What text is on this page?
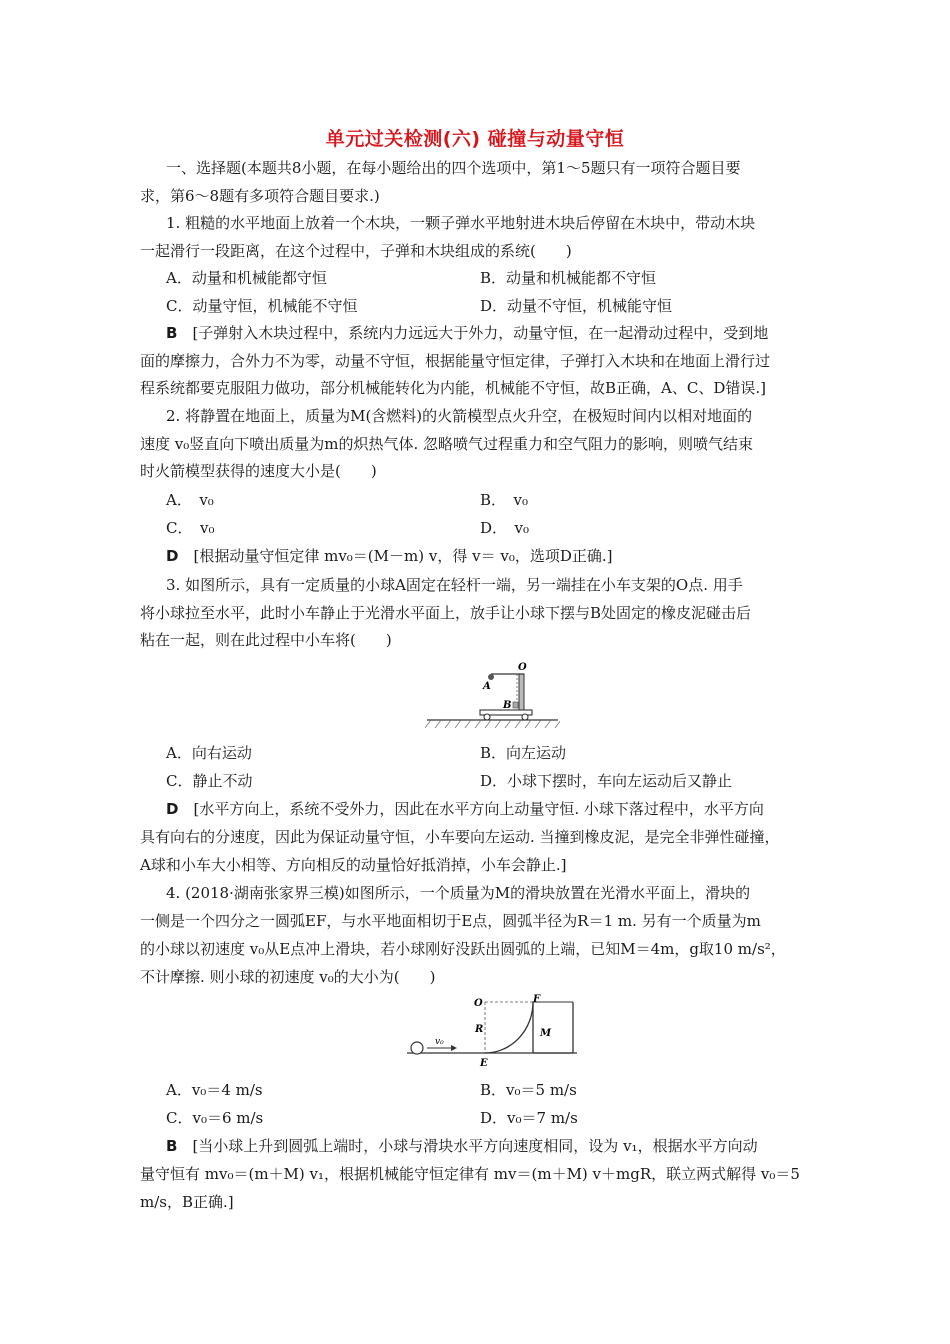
单元过关检测(六) 碰撞与动量守恒
一、选择题(本题共8小题，在每小题给出的四个选项中，第1～5题只有一项符合题目要
求，第6～8题有多项符合题目要求.)
1. 粗糙的水平地面上放着一个木块，一颗子弹水平地射进木块后停留在木块中，带动木块
一起滑行一段距离，在这个过程中，子弹和木块组成的系统(　　)
A．动量和机械能都守恒	B．动量和机械能都不守恒
C．动量守恒，机械能不守恒	D．动量不守恒，机械能守恒
B　 [子弹射入木块过程中，系统内力远远大于外力，动量守恒，在一起滑动过程中，受到地
面的摩擦力，合外力不为零，动量不守恒，根据能量守恒定律，子弹打入木块和在地面上滑行过
程系统都要克服阻力做功，部分机械能转化为内能，机械能不守恒，故B正确，A、C、D错误.]
2. 将静置在地面上，质量为M(含燃料)的火箭模型点火升空，在极短时间内以相对地面的
速度 v₀竖直向下喷出质量为m的炽热气体. 忽略喷气过程重力和空气阻力的影响，则喷气结束
时火箭模型获得的速度大小是(　　)
A．　v₀	B．　v₀
C．　v₀	D．　v₀
D　 [根据动量守恒定律 mv₀＝(M－m) v，得 v＝ v₀，选项D正确.]
3. 如图所示，具有一定质量的小球A固定在轻杆一端，另一端挂在小车支架的O点. 用手
将小球拉至水平，此时小车静止于光滑水平面上，放手让小球下摆与B处固定的橡皮泥碰击后
粘在一起，则在此过程中小车将(　　)
O
A
B
A．向右运动	B．向左运动
C．静止不动	D．小球下摆时，车向左运动后又静止
D　 [水平方向上，系统不受外力，因此在水平方向上动量守恒. 小球下落过程中，水平方向
具有向右的分速度，因此为保证动量守恒，小车要向左运动. 当撞到橡皮泥，是完全非弹性碰撞，
A球和小车大小相等、方向相反的动量恰好抵消掉，小车会静止.]
4. (2018·湖南张家界三模)如图所示，一个质量为M的滑块放置在光滑水平面上，滑块的
一侧是一个四分之一圆弧EF，与水平地面相切于E点，圆弧半径为R＝1 m. 另有一个质量为m
的小球以初速度 v₀从E点冲上滑块，若小球刚好没跃出圆弧的上端，已知M＝4m，g取10 m/s²，
不计摩擦. 则小球的初速度 v₀的大小为(　　)
O	F
R	M
E
v₀
A．v₀＝4 m/s	B．v₀＝5 m/s
C．v₀＝6 m/s	D．v₀＝7 m/s
B　 [当小球上升到圆弧上端时，小球与滑块水平方向速度相同，设为 v₁，根据水平方向动
量守恒有 mv₀＝(m＋M) v₁，根据机械能守恒定律有 mv＝(m＋M) v＋mgR，联立两式解得 v₀＝5
m/s，B正确.]
